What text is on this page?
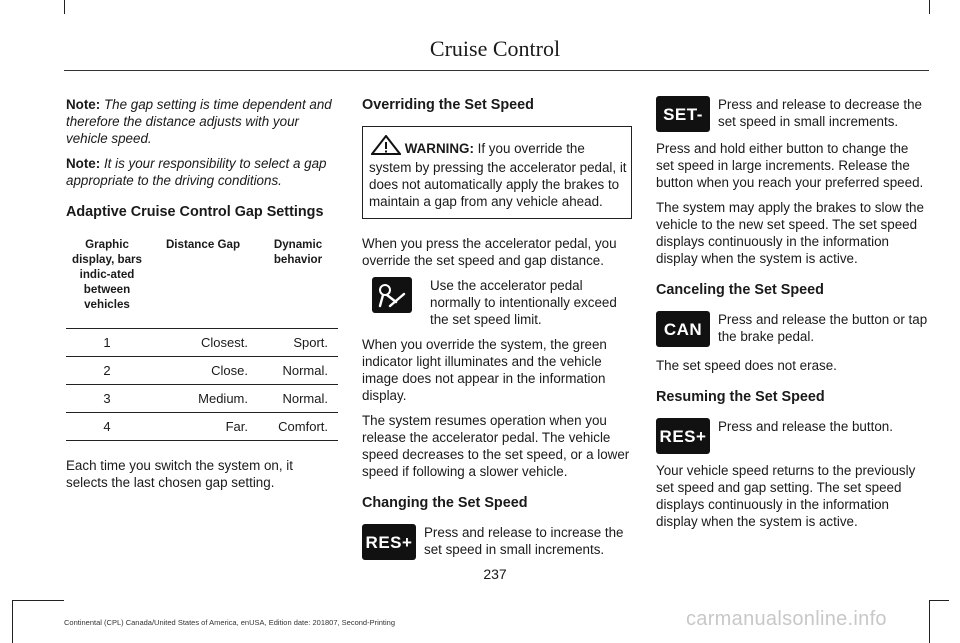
Cruise Control

Note: The gap setting is time dependent and therefore the distance adjusts with your vehicle speed.

Note: It is your responsibility to select a gap appropriate to the driving conditions.

Adaptive Cruise Control Gap Settings
Graphic display, bars indic-ated between vehicles	Distance Gap	Dynamic behavior
1	Closest.	Sport.
2	Close.	Normal.
3	Medium.	Normal.
4	Far.	Comfort.

Each time you switch the system on, it selects the last chosen gap setting.

Overriding the Set Speed
WARNING: If you override the system by pressing the accelerator pedal, it does not automatically apply the brakes to maintain a gap from any vehicle ahead.

When you press the accelerator pedal, you override the set speed and gap distance.

Use the accelerator pedal normally to intentionally exceed the set speed limit.

When you override the system, the green indicator light illuminates and the vehicle image does not appear in the information display.

The system resumes operation when you release the accelerator pedal. The vehicle speed decreases to the set speed, or a lower speed if following a slower vehicle.

Changing the Set Speed
RES+ Press and release to increase the set speed in small increments.
SET-	Press and release to decrease the set speed in small increments.

Press and hold either button to change the set speed in large increments. Release the button when you reach your preferred speed.

The system may apply the brakes to slow the vehicle to the new set speed. The set speed displays continuously in the information display when the system is active.

Canceling the Set Speed
CAN	Press and release the button or tap the brake pedal.

The set speed does not erase.

Resuming the Set Speed
RES+ Press and release the button.

Your vehicle speed returns to the previously set speed and gap setting. The set speed displays continuously in the information display when the system is active.

237
Continental (CPL) Canada/United States of America, enUSA, Edition date: 201807, Second-Printing	carmanualsonline.info
